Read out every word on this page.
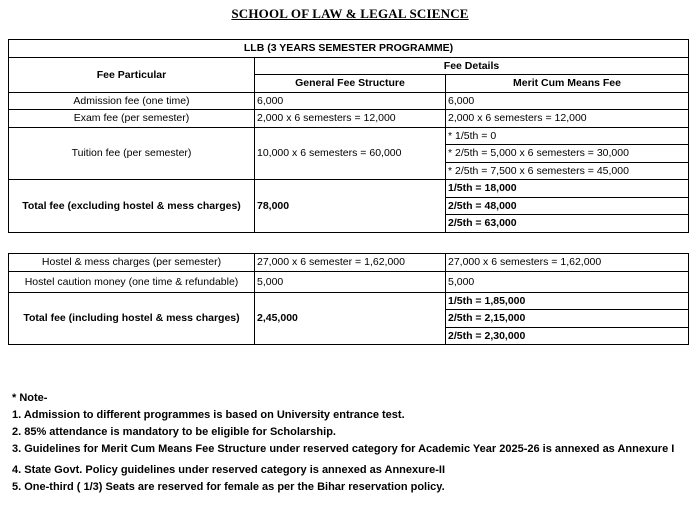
SCHOOL OF LAW & LEGAL SCIENCE
LLB (3 YEARS SEMESTER PROGRAMME)		
Fee Particular	Fee Details	
	General Fee Structure	Merit Cum Means Fee
Admission fee (one time)	6,000	6,000
Exam fee (per semester)	2,000 x 6 semesters = 12,000	2,000 x 6 semesters = 12,000
Tuition fee (per semester)	10,000 x 6 semesters = 60,000	* 1/5th = 0
		* 2/5th = 5,000 x 6 semesters = 30,000
		* 2/5th = 7,500 x 6 semesters = 45,000
Total fee (excluding hostel & mess charges)	78,000	1/5th = 18,000
		2/5th = 48,000
		2/5th = 63,000
Hostel & mess charges (per semester)	27,000 x 6 semester = 1,62,000	27,000 x 6 semesters = 1,62,000
Hostel caution money (one time & refundable)	5,000	5,000
Total fee (including hostel & mess charges)	2,45,000	1/5th = 1,85,000
		2/5th = 2,15,000
		2/5th = 2,30,000
* Note-
1. Admission to different programmes is based on University entrance test.
2. 85% attendance is mandatory to be eligible for Scholarship.
3. Guidelines for Merit Cum Means Fee Structure under reserved category for Academic Year 2025-26 is annexed as Annexure I
4. State Govt. Policy guidelines under reserved category is annexed as Annexure-II
5. One-third ( 1/3) Seats are reserved for female as per the Bihar reservation policy.
